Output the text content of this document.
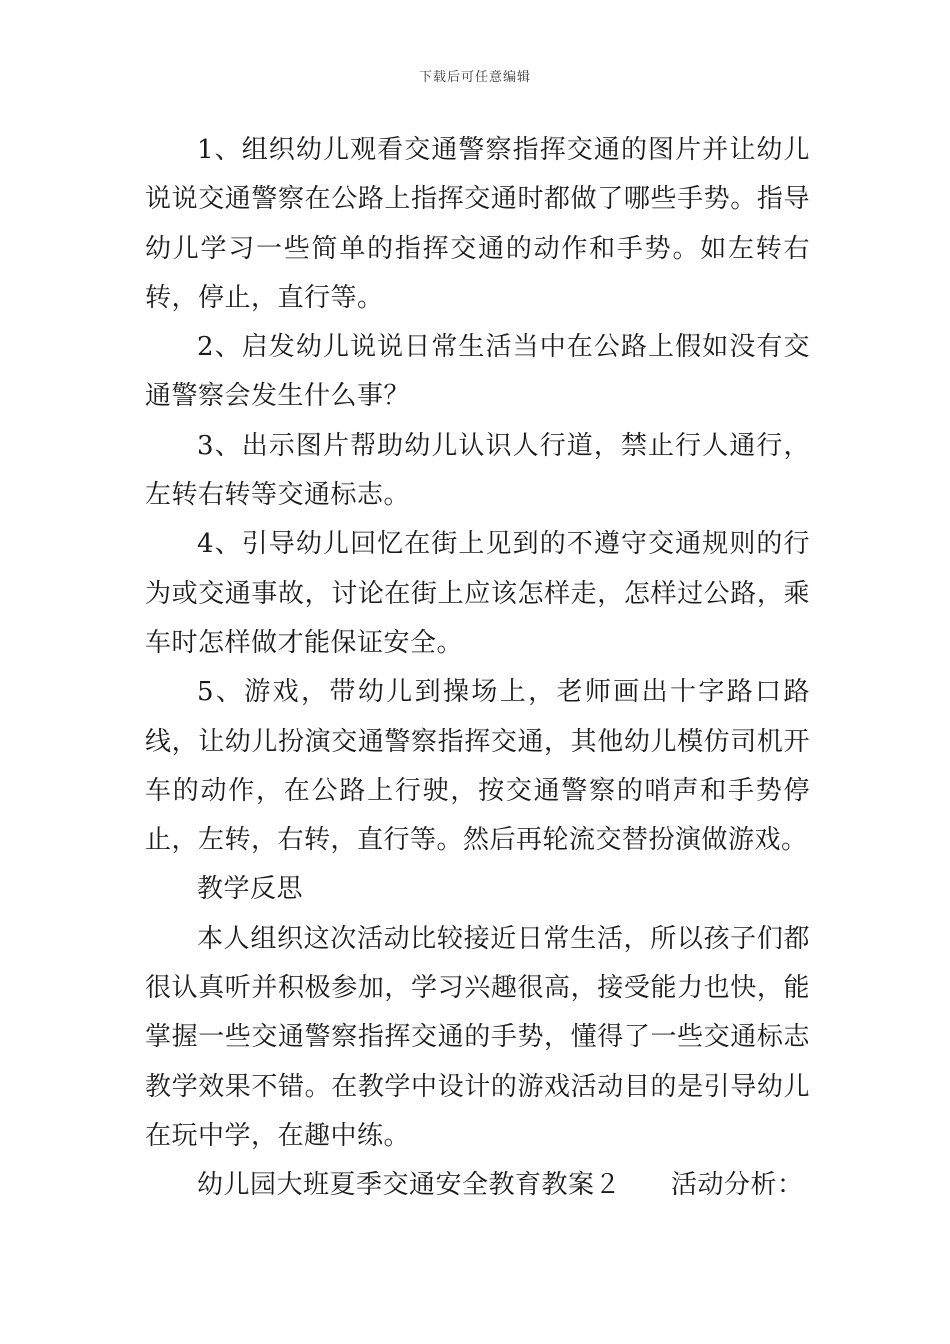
下载后可任意编辑

1、组织幼儿观看交通警察指挥交通的图片并让幼儿说说交通警察在公路上指挥交通时都做了哪些手势。指导幼儿学习一些简单的指挥交通的动作和手势。如左转右转，停止，直行等。

2、启发幼儿说说日常生活当中在公路上假如没有交通警察会发生什么事？

3、出示图片帮助幼儿认识人行道，禁止行人通行，左转右转等交通标志。

4、引导幼儿回忆在街上见到的不遵守交通规则的行为或交通事故，讨论在街上应该怎样走，怎样过公路，乘车时怎样做才能保证安全。

5、游戏，带幼儿到操场上，老师画出十字路口路线，让幼儿扮演交通警察指挥交通，其他幼儿模仿司机开车的动作，在公路上行驶，按交通警察的哨声和手势停止，左转，右转，直行等。然后再轮流交替扮演做游戏。

教学反思

本人组织这次活动比较接近日常生活，所以孩子们都很认真听并积极参加，学习兴趣很高，接受能力也快，能掌握一些交通警察指挥交通的手势，懂得了一些交通标志教学效果不错。在教学中设计的游戏活动目的是引导幼儿在玩中学，在趣中练。

幼儿园大班夏季交通安全教育教案２ 活动分析：
